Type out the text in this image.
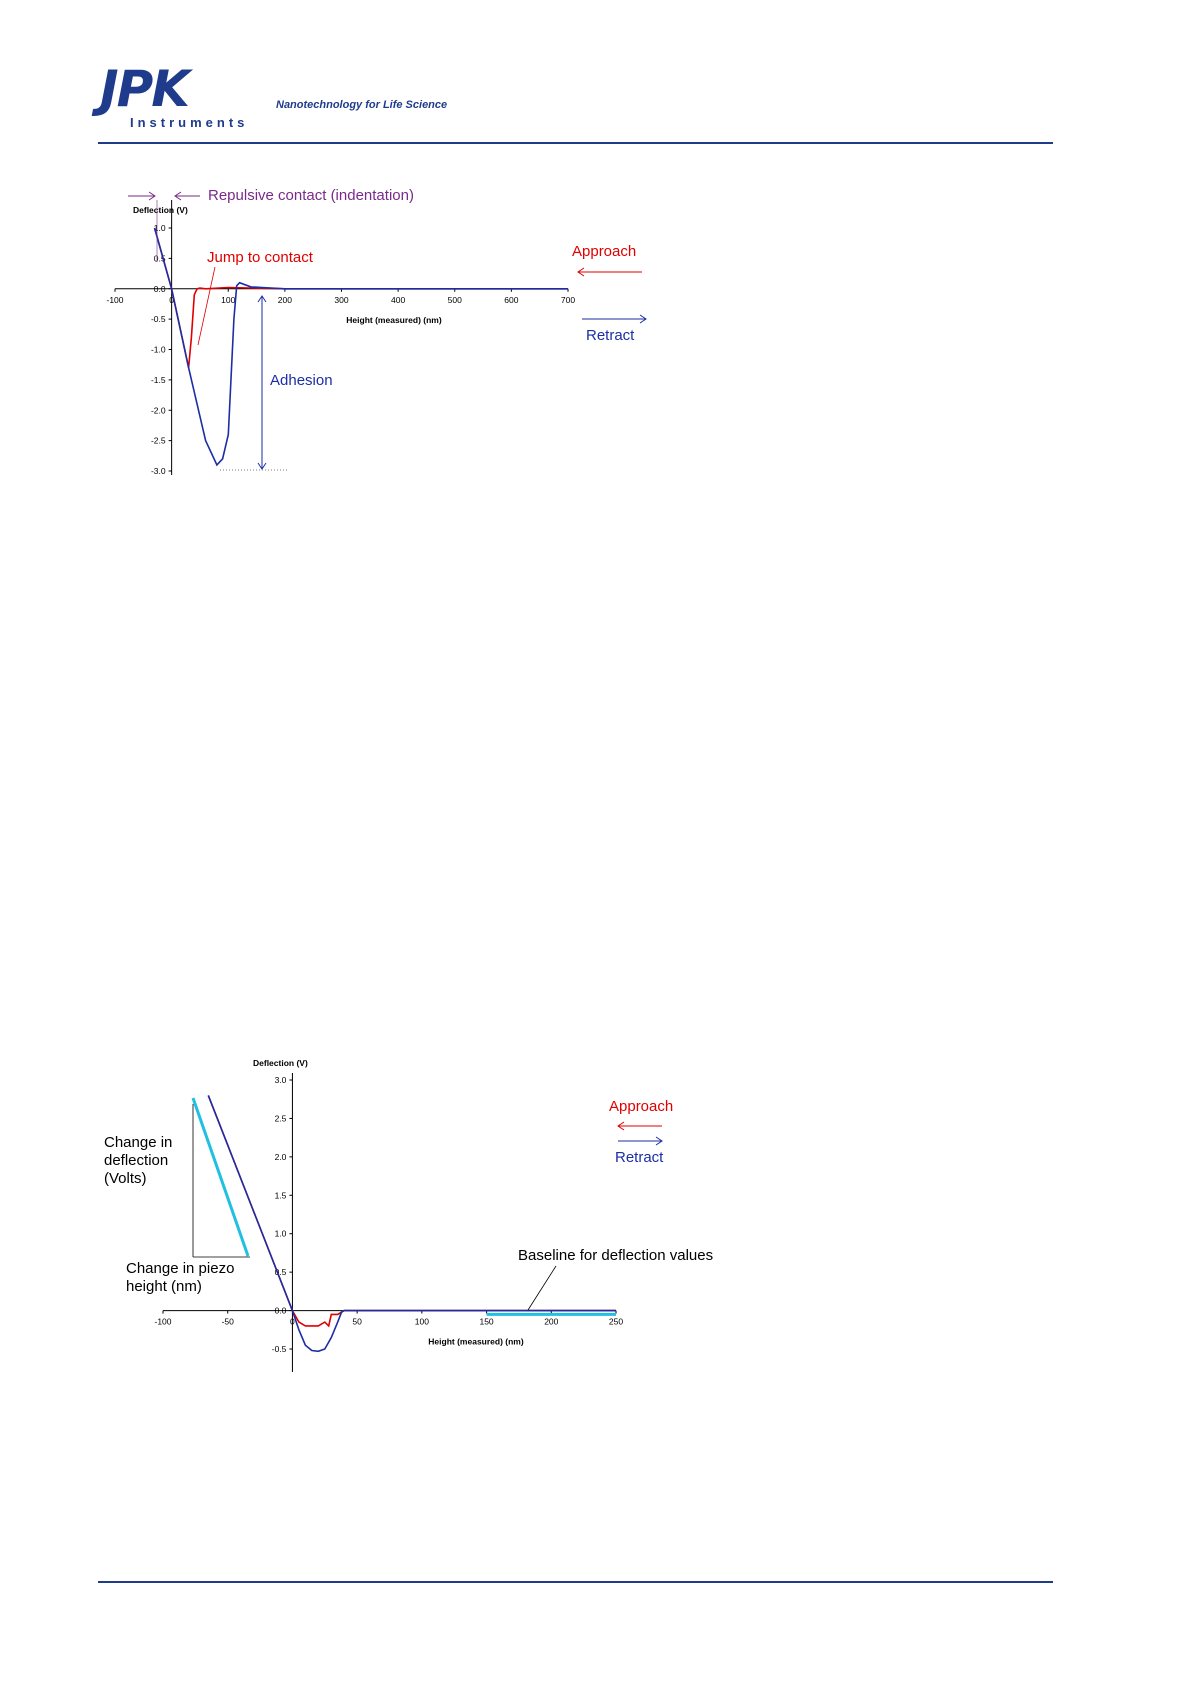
JPK
Instruments
Nanotechnology for Life Science
-100	0	100	200	300	400	500	600	700
1.0
0.5
0.0
-0.5
-1.0
-1.5
-2.0
-2.5
-3.0
Height (measured) (nm)
Deflection (V)
Repulsive contact (indentation)
Jump to contact
Adhesion
Approach
Retract
-100	-50	0	50	100	150	200	250
3.0
2.5
2.0
1.5
1.0
0.5
0.0
-0.5
Height (measured) (nm)
Deflection (V)
Change in
deflection
(Volts)
Change in piezo
height (nm)
Baseline for deflection values
Approach
Retract
